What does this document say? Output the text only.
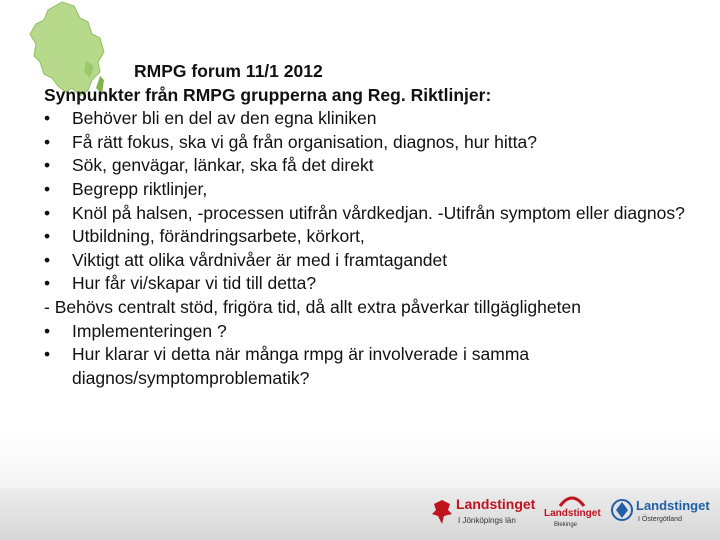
RMPG forum 11/1 2012
Synpunkter från RMPG grupperna ang Reg. Riktlinjer:
•	Behöver bli en del av den egna kliniken
•	Få rätt fokus, ska vi gå från organisation, diagnos, hur hitta?
•	Sök, genvägar, länkar, ska få det direkt
•	Begrepp riktlinjer,
•	Knöl på halsen, -processen utifrån vårdkedjan. -Utifrån symptom eller diagnos?
•	Utbildning, förändringsarbete, körkort,
•	Viktigt att olika vårdnivåer är med i framtagandet
•	Hur får vi/skapar vi tid till detta?
- Behövs centralt stöd, frigöra tid, då allt extra påverkar tillgägligheten
•	Implementeringen ?
•	Hur klarar vi detta när många rmpg är involverade i samma diagnos/symptomproblematik?
Landstinget
I Jönköpings län
Landstinget
Blekinge
Landstinget
I Östergötland
